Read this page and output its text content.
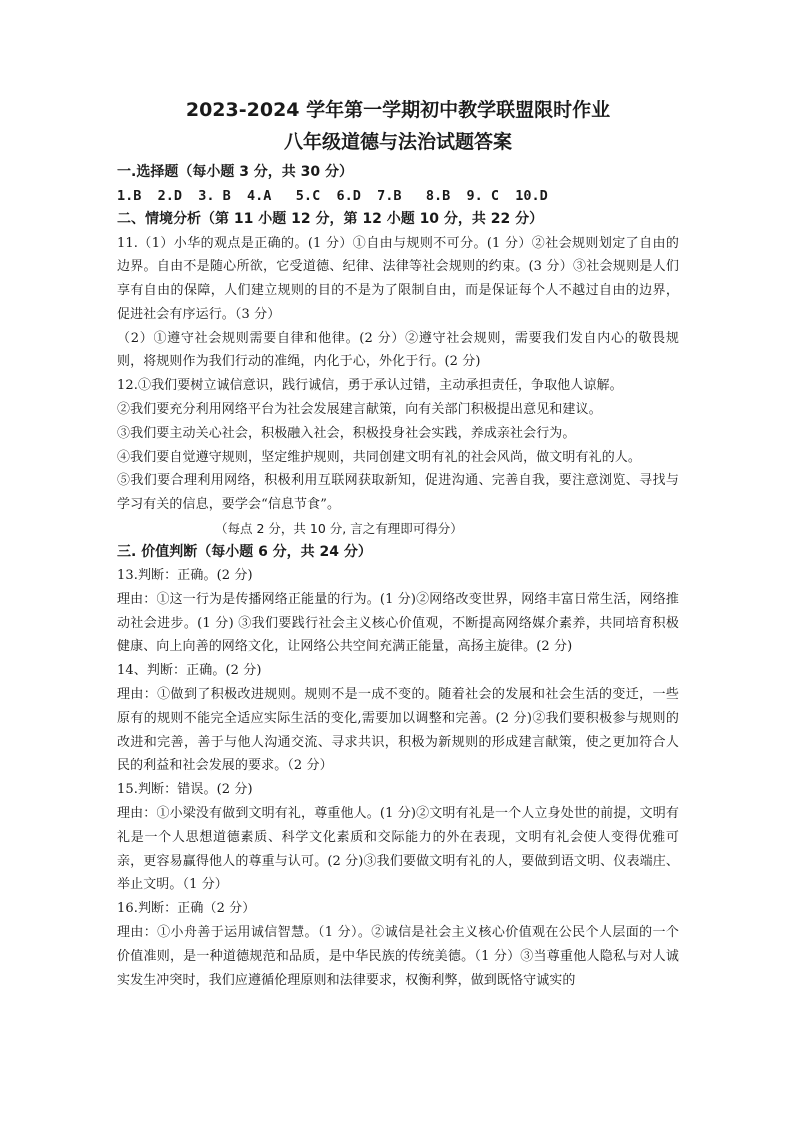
2023-2024 学年第一学期初中教学联盟限时作业
八年级道德与法治试题答案

一.选择题（每小题 3 分，共 30 分）

1.B  2.D  3. B  4.A   5.C  6.D  7.B   8.B  9. C  10.D

二、情境分析（第 11 小题 12 分，第 12 小题 10 分，共 22 分）

11.（1）小华的观点是正确的。(1 分）①自由与规则不可分。(1 分）②社会规则划定了自由的边界。自由不是随心所欲，它受道德、纪律、法律等社会规则的约束。(3 分）③社会规则是人们享有自由的保障，人们建立规则的目的不是为了限制自由，而是保证每个人不越过自由的边界，促进社会有序运行。（3 分）

（2）①遵守社会规则需要自律和他律。(2 分）②遵守社会规则，需要我们发自内心的敬畏规则，将规则作为我们行动的准绳，内化于心，外化于行。(2 分)

12.①我们要树立诚信意识，践行诚信，勇于承认过错，主动承担责任，争取他人谅解。

②我们要充分利用网络平台为社会发展建言献策，向有关部门积极提出意见和建议。

③我们要主动关心社会，积极融入社会，积极投身社会实践，养成亲社会行为。

④我们要自觉遵守规则，坚定维护规则，共同创建文明有礼的社会风尚，做文明有礼的人。

⑤我们要合理利用网络，积极利用互联网获取新知，促进沟通、完善自我，要注意浏览、寻找与学习有关的信息，要学会“信息节食”。

（每点 2 分，共 10 分, 言之有理即可得分）

三. 价值判断（每小题 6 分，共 24 分）

13.判断：正确。(2 分)

理由：①这一行为是传播网络正能量的行为。(1 分)②网络改变世界，网络丰富日常生活，网络推动社会进步。(1 分) ③我们要践行社会主义核心价值观，不断提高网络媒介素养，共同培育积极健康、向上向善的网络文化，让网络公共空间充满正能量，高扬主旋律。(2 分)

14、判断：正确。(2 分)

理由：①做到了积极改进规则。规则不是一成不变的。随着社会的发展和社会生活的变迁，一些原有的规则不能完全适应实际生活的变化,需要加以调整和完善。(2 分)②我们要积极参与规则的改进和完善，善于与他人沟通交流、寻求共识，积极为新规则的形成建言献策，使之更加符合人民的利益和社会发展的要求。（2 分）

15.判断：错误。(2 分)

理由：①小梁没有做到文明有礼，尊重他人。(1 分)②文明有礼是一个人立身处世的前提，文明有礼是一个人思想道德素质、科学文化素质和交际能力的外在表现，文明有礼会使人变得优雅可亲，更容易赢得他人的尊重与认可。(2 分)③我们要做文明有礼的人，要做到语文明、仪表端庄、举止文明。（1 分）

16.判断：正确（2 分）

理由：①小舟善于运用诚信智慧。（1 分）。②诚信是社会主义核心价值观在公民个人层面的一个价值准则，是一种道德规范和品质，是中华民族的传统美德。（1 分）③当尊重他人隐私与对人诚实发生冲突时，我们应遵循伦理原则和法律要求，权衡利弊，做到既恪守诚实的
